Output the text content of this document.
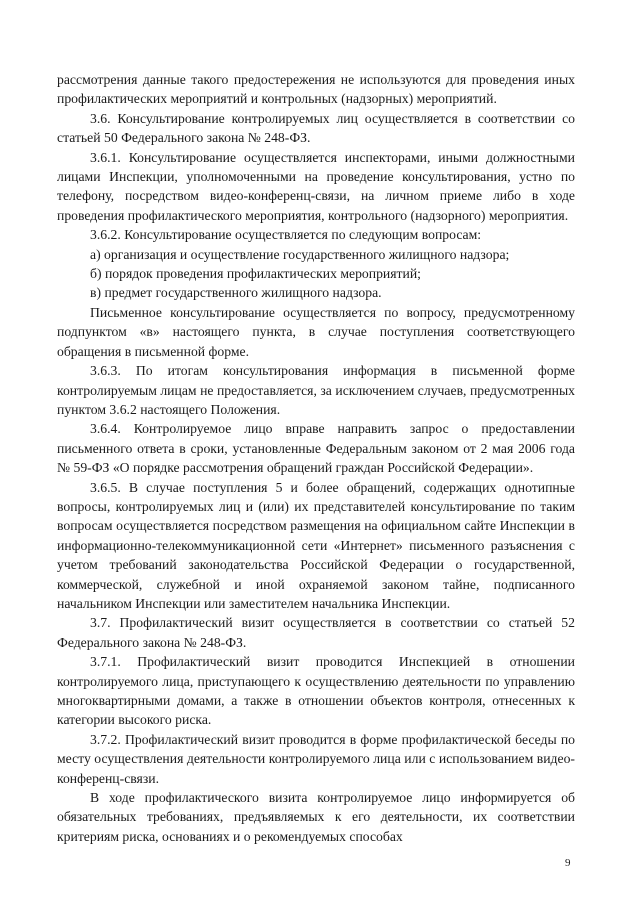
рассмотрения данные такого предостережения не используются для проведения иных профилактических мероприятий и контрольных (надзорных) мероприятий.

3.6. Консультирование контролируемых лиц осуществляется в соответствии со статьей 50 Федерального закона № 248-ФЗ.

3.6.1. Консультирование осуществляется инспекторами, иными должностными лицами Инспекции, уполномоченными на проведение консультирования, устно по телефону, посредством видео-конференц-связи, на личном приеме либо в ходе проведения профилактического мероприятия, контрольного (надзорного) мероприятия.

3.6.2. Консультирование осуществляется по следующим вопросам:

а) организация и осуществление государственного жилищного надзора;

б) порядок проведения профилактических мероприятий;

в) предмет государственного жилищного надзора.

Письменное консультирование осуществляется по вопросу, предусмотренному подпунктом «в» настоящего пункта, в случае поступления соответствующего обращения в письменной форме.

3.6.3. По итогам консультирования информация в письменной форме контролируемым лицам не предоставляется, за исключением случаев, предусмотренных пунктом 3.6.2 настоящего Положения.

3.6.4. Контролируемое лицо вправе направить запрос о предоставлении письменного ответа в сроки, установленные Федеральным законом от 2 мая 2006 года № 59-ФЗ «О порядке рассмотрения обращений граждан Российской Федерации».

3.6.5. В случае поступления 5 и более обращений, содержащих однотипные вопросы, контролируемых лиц и (или) их представителей консультирование по таким вопросам осуществляется посредством размещения на официальном сайте Инспекции в информационно-телекоммуникационной сети «Интернет» письменного разъяснения с учетом требований законодательства Российской Федерации о государственной, коммерческой, служебной и иной охраняемой законом тайне, подписанного начальником Инспекции или заместителем начальника Инспекции.

3.7. Профилактический визит осуществляется в соответствии со статьей 52 Федерального закона № 248-ФЗ.

3.7.1. Профилактический визит проводится Инспекцией в отношении контролируемого лица, приступающего к осуществлению деятельности по управлению многоквартирными домами, а также в отношении объектов контроля, отнесенных к категории высокого риска.

3.7.2. Профилактический визит проводится в форме профилактической беседы по месту осуществления деятельности контролируемого лица или с использованием видео-конференц-связи.

В ходе профилактического визита контролируемое лицо информируется об обязательных требованиях, предъявляемых к его деятельности, их соответствии критериям риска, основаниях и о рекомендуемых способах

9
